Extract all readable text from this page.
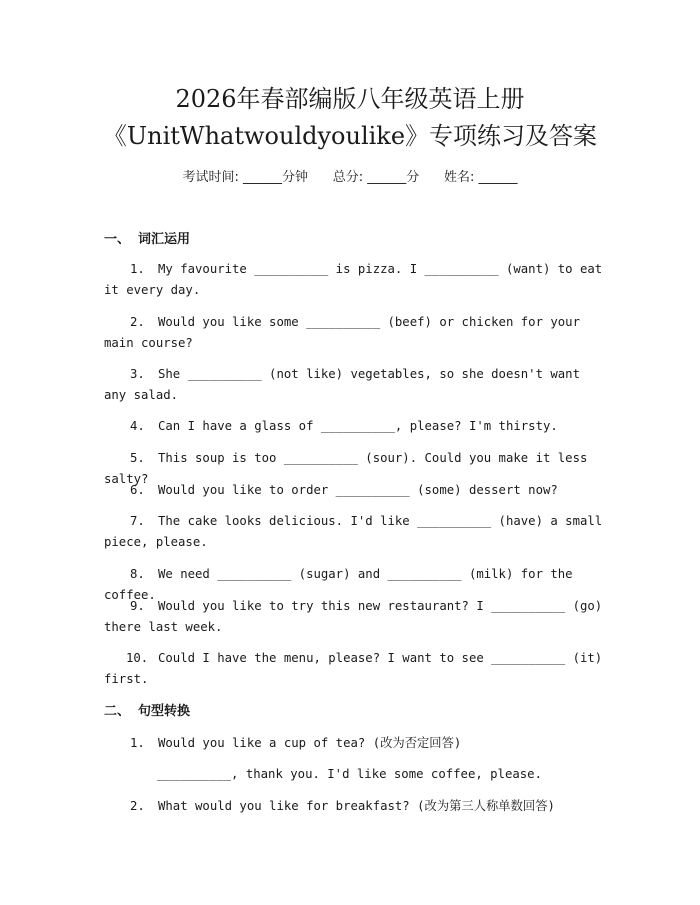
2026年春部编版八年级英语上册
《UnitWhatwouldyoulike》专项练习及答案
考试时间: ______分钟      总分: ______分      姓名: ______
一、 词汇运用
1. My favourite __________ is pizza. I __________ (want) to eat it every day.
2. Would you like some __________ (beef) or chicken for your main course?
3. She __________ (not like) vegetables, so she doesn't want any salad.
4. Can I have a glass of __________, please? I'm thirsty.
5. This soup is too __________ (sour). Could you make it less salty?
6. Would you like to order __________ (some) dessert now?
7. The cake looks delicious. I'd like __________ (have) a small piece, please.
8. We need __________ (sugar) and __________ (milk) for the coffee.
9. Would you like to try this new restaurant? I __________ (go) there last week.
10. Could I have the menu, please? I want to see __________ (it) first.
二、 句型转换
1. Would you like a cup of tea? (改为否定回答)
__________, thank you. I'd like some coffee, please.
2. What would you like for breakfast? (改为第三人称单数回答)
